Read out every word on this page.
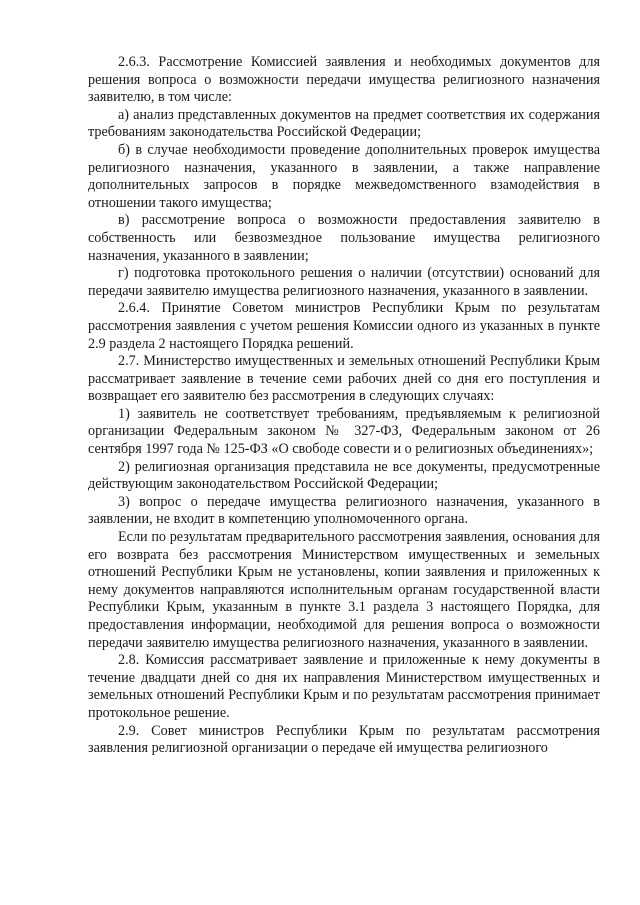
2.6.3. Рассмотрение Комиссией заявления и необходимых документов для решения вопроса о возможности передачи имущества религиозного назначения заявителю, в том числе:

а) анализ представленных документов на предмет соответствия их содержания требованиям законодательства Российской Федерации;

б) в случае необходимости проведение дополнительных проверок имущества религиозного назначения, указанного в заявлении, а также направление дополнительных запросов в порядке межведомственного взамодействия в отношении такого имущества;

в) рассмотрение вопроса о возможности предоставления заявителю в собственность или безвозмездное пользование имущества религиозного назначения, указанного в заявлении;

г) подготовка протокольного решения о наличии (отсутствии) оснований для передачи заявителю имущества религиозного назначения, указанного в заявлении.

2.6.4. Принятие Советом министров Республики Крым по результатам рассмотрения заявления с учетом решения Комиссии одного из указанных в пункте 2.9 раздела 2 настоящего Порядка решений.

2.7. Министерство имущественных и земельных отношений Республики Крым рассматривает заявление в течение семи рабочих дней со дня его поступления и возвращает его заявителю без рассмотрения в следующих случаях:

1) заявитель не соответствует требованиям, предъявляемым к религиозной организации Федеральным законом № 327-ФЗ, Федеральным законом от 26 сентября 1997 года № 125-ФЗ «О свободе совести и о религиозных объединениях»;

2) религиозная организация представила не все документы, предусмотренные действующим законодательством Российской Федерации;

3) вопрос о передаче имущества религиозного назначения, указанного в заявлении, не входит в компетенцию уполномоченного органа.

Если по результатам предварительного рассмотрения заявления, основания для его возврата без рассмотрения Министерством имущественных и земельных отношений Республики Крым не установлены, копии заявления и приложенных к нему документов направляются исполнительным органам государственной власти Республики Крым, указанным в пункте 3.1 раздела 3 настоящего Порядка, для предоставления информации, необходимой для решения вопроса о возможности передачи заявителю имущества религиозного назначения, указанного в заявлении.

2.8. Комиссия рассматривает заявление и приложенные к нему документы в течение двадцати дней со дня их направления Министерством имущественных и земельных отношений Республики Крым и по результатам рассмотрения принимает протокольное решение.

2.9. Совет министров Республики Крым по результатам рассмотрения заявления религиозной организации о передаче ей имущества религиозного
